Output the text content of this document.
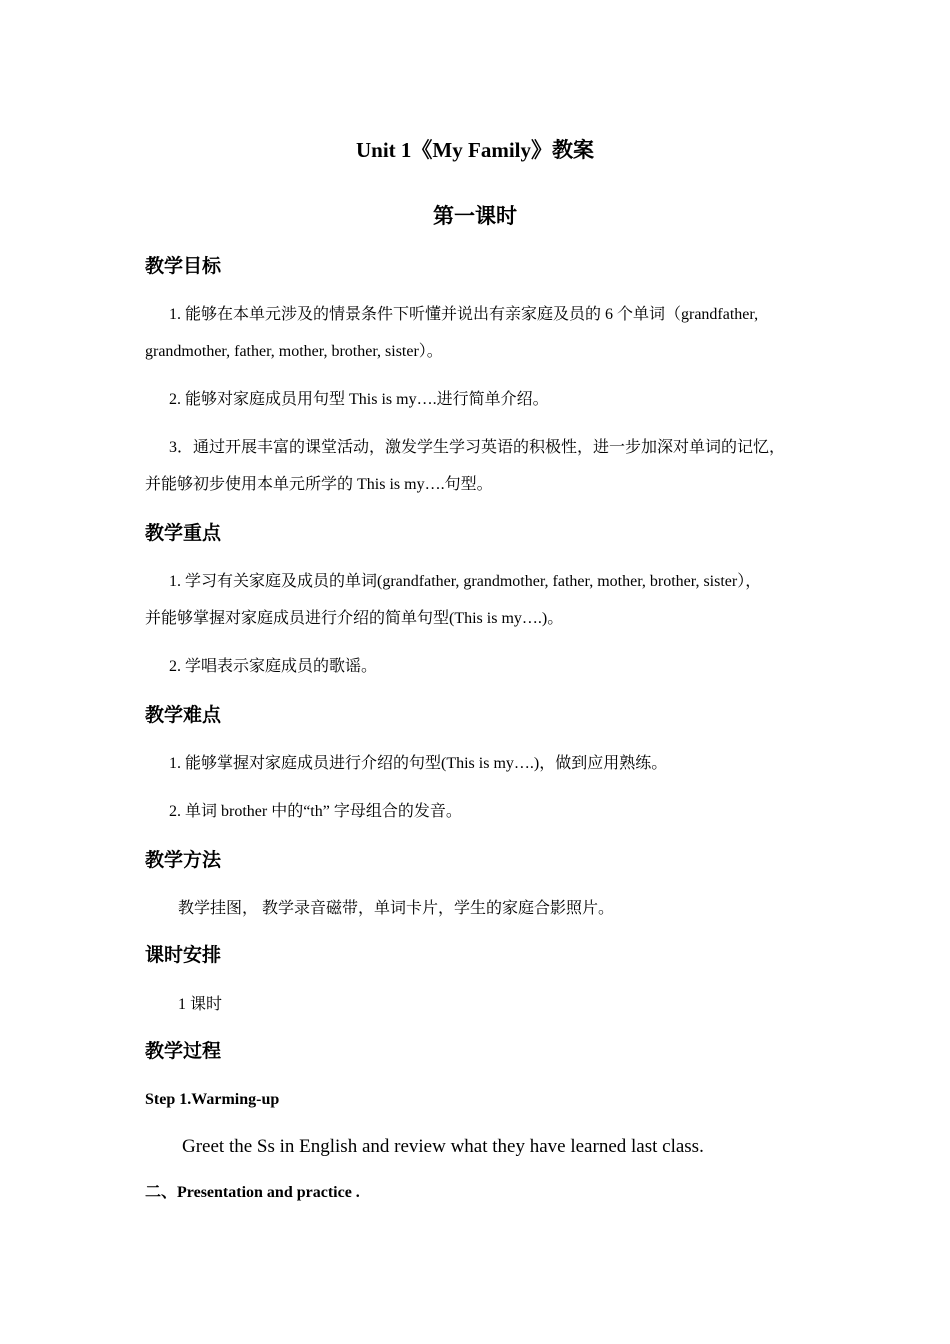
Unit 1《My Family》教案
第一课时
教学目标
1. 能够在本单元涉及的情景条件下听懂并说出有亲家庭及员的 6 个单词（grandfather,
grandmother, father, mother, brother, sister）。
2. 能够对家庭成员用句型 This is my….进行简单介绍。
3．通过开展丰富的课堂活动，激发学生学习英语的积极性，进一步加深对单词的记忆，
并能够初步使用本单元所学的 This is my….句型。
教学重点
1. 学习有关家庭及成员的单词(grandfather, grandmother, father, mother, brother, sister），
并能够掌握对家庭成员进行介绍的简单句型(This is my….)。
2. 学唱表示家庭成员的歌谣。
教学难点
1. 能够掌握对家庭成员进行介绍的句型(This is my….)，做到应用熟练。
2. 单词 brother 中的“th” 字母组合的发音。
教学方法
教学挂图， 教学录音磁带，单词卡片，学生的家庭合影照片。
课时安排
1 课时
教学过程
Step 1.Warming-up
Greet the Ss in English and review what they have learned last class.
二、Presentation and practice .
